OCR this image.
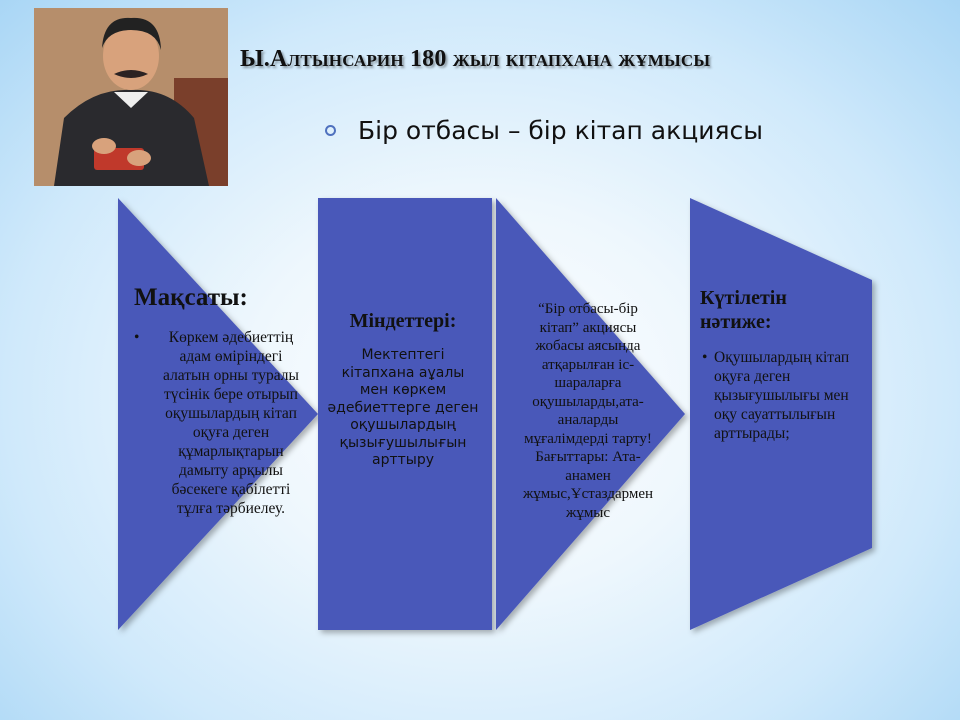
Ы.Алтынсарин 180 жыл кітапхана жұмысы
Бір отбасы – бір кітап акциясы
Мақсаты:
•	Көркем әдебиеттің адам өміріндегі алатын орны туралы түсінік бере отырып оқушылардың кітап оқуға деген құмарлықтарын дамыту арқылы бәсекеге қабілетті тұлға тәрбиелеу.
Міндеттері:
Мектептегі кітапхана аұалы мен көркем әдебиеттерге деген оқушылардың қызығушылығын арттыру
“Бір отбасы-бір
кітап” акциясы
жобасы аясында
атқарылған іс-
шараларға
оқушыларды,ата-
аналарды
мұғалімдерді тарту!
Бағыттары: Ата-
анамен
жұмыс,Ұстаздармен
жұмыс
Күтілетін нәтиже:
• Оқушылардың кітап оқуға деген қызығушылығы мен оқу сауаттылығын арттырады;
